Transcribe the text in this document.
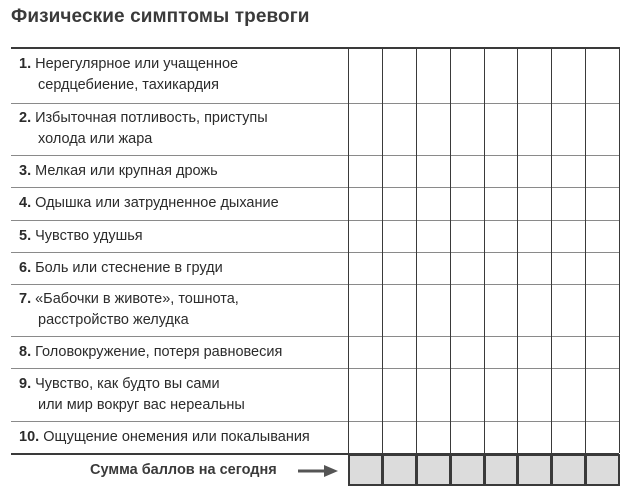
Физические симптомы тревоги
1. Нерегулярное или учащенное
сердцебиение, тахикардия
2. Избыточная потливость, приступы
холода или жара
3. Мелкая или крупная дрожь
4. Одышка или затрудненное дыхание
5. Чувство удушья
6. Боль или стеснение в груди
7. «Бабочки в животе», тошнота,
расстройство желудка
8. Головокружение, потеря равновесия
9. Чувство, как будто вы сами
или мир вокруг вас нереальны
10. Ощущение онемения или покалывания
Сумма баллов на сегодня
